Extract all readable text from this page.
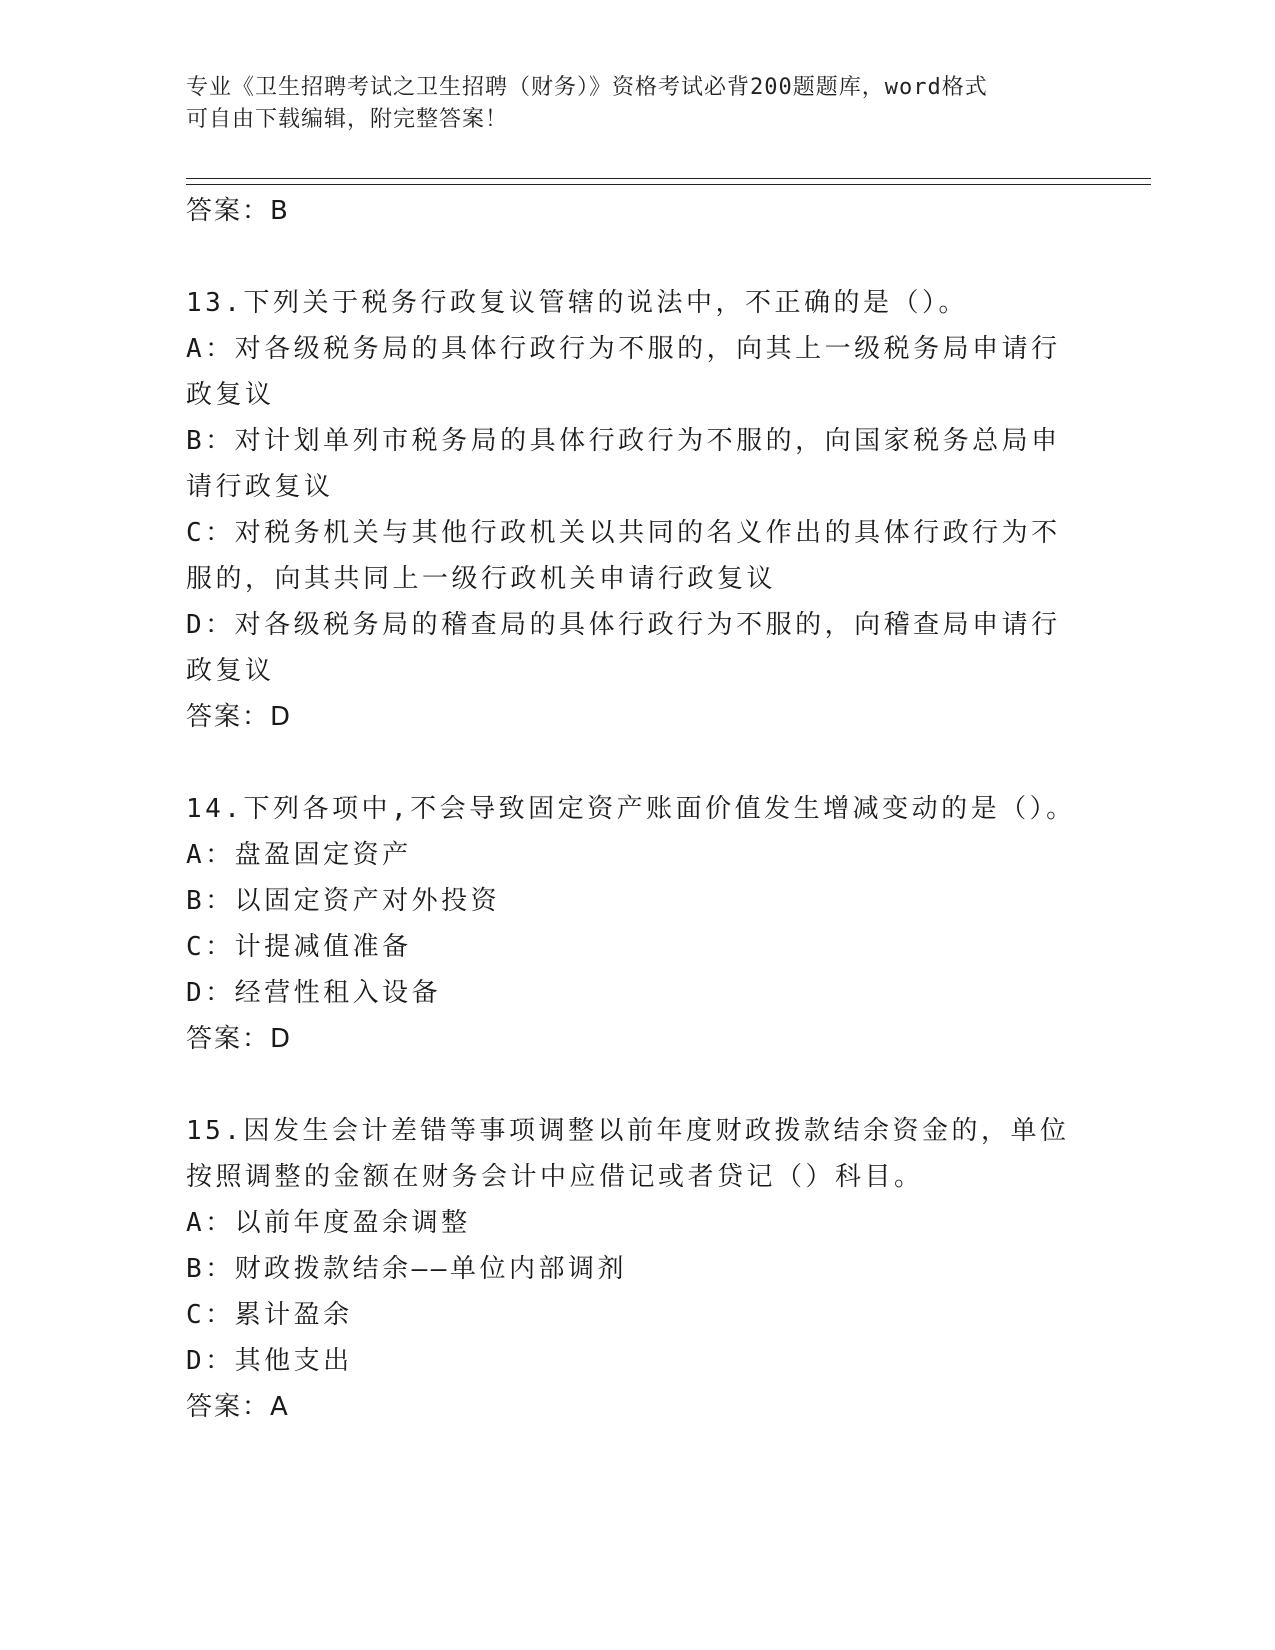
专业《卫生招聘考试之卫生招聘（财务）》资格考试必背200题题库，word格式
可自由下载编辑，附完整答案！
答案：B
13.下列关于税务行政复议管辖的说法中，不正确的是（）。
A：对各级税务局的具体行政行为不服的，向其上一级税务局申请行政复议
B：对计划单列市税务局的具体行政行为不服的，向国家税务总局申请行政复议
C：对税务机关与其他行政机关以共同的名义作出的具体行政行为不服的，向其共同上一级行政机关申请行政复议
D：对各级税务局的稽查局的具体行政行为不服的，向稽查局申请行政复议
答案：D
14.下列各项中,不会导致固定资产账面价值发生增减变动的是（）。
A：盘盈固定资产
B：以固定资产对外投资
C：计提减值准备
D：经营性租入设备
答案：D
15.因发生会计差错等事项调整以前年度财政拨款结余资金的，单位按照调整的金额在财务会计中应借记或者贷记（）科目。
A：以前年度盈余调整
B：财政拨款结余——单位内部调剂
C：累计盈余
D：其他支出
答案：A
